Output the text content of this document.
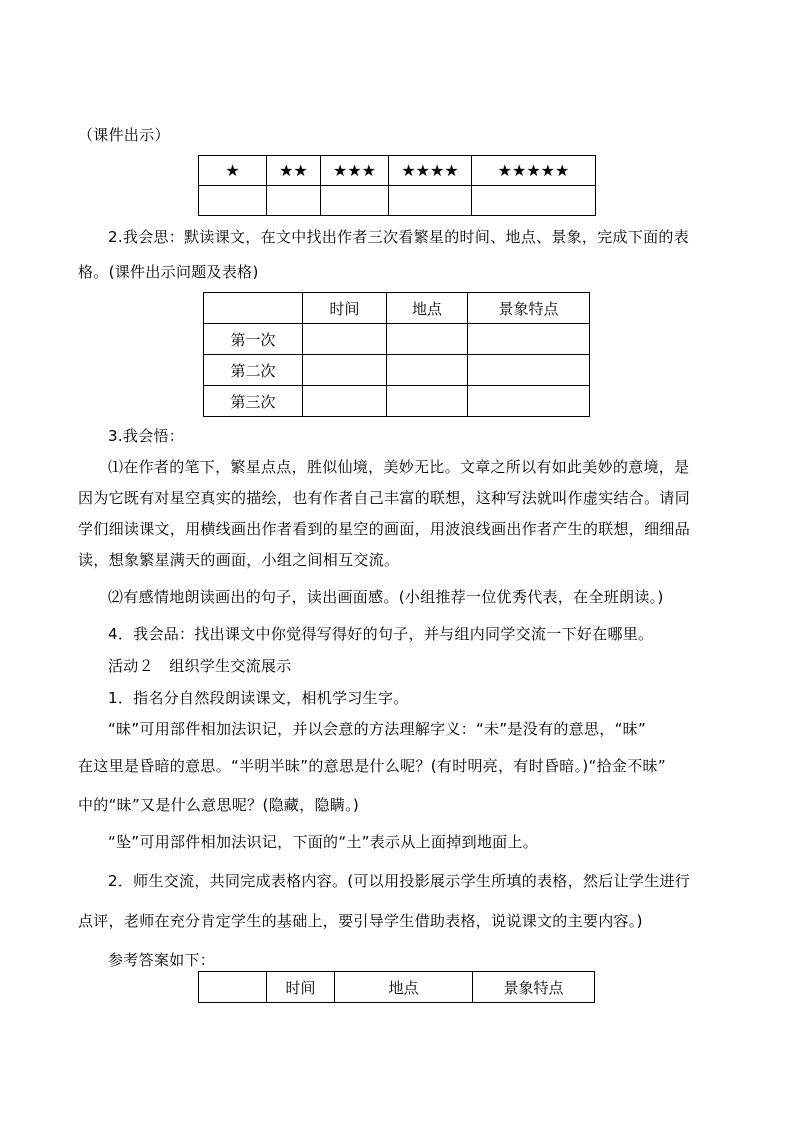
（课件出示）
★	★★	★★★	★★★★	★★★★★

2.我会思：默读课文，在文中找出作者三次看繁星的时间、地点、景象，完成下面的表
格。(课件出示问题及表格)
	时间	地点	景象特点
第一次			
第二次			
第三次			
3.我会悟：
⑴在作者的笔下，繁星点点，胜似仙境，美妙无比。文章之所以有如此美妙的意境，是
因为它既有对星空真实的描绘，也有作者自己丰富的联想，这种写法就叫作虚实结合。请同
学们细读课文，用横线画出作者看到的星空的画面，用波浪线画出作者产生的联想，细细品
读，想象繁星满天的画面，小组之间相互交流。
⑵有感情地朗读画出的句子，读出画面感。(小组推荐一位优秀代表，在全班朗读。)
4．我会品：找出课文中你觉得写得好的句子，并与组内同学交流一下好在哪里。
活动２　组织学生交流展示
1．指名分自然段朗读课文，相机学习生字。
“昧”可用部件相加法识记，并以会意的方法理解字义：“未”是没有的意思，“昧”
在这里是昏暗的意思。“半明半昧”的意思是什么呢？(有时明亮，有时昏暗。)“拾金不昧”
中的“昧”又是什么意思呢？(隐藏，隐瞒。)
“坠”可用部件相加法识记，下面的“土”表示从上面掉到地面上。
2．师生交流，共同完成表格内容。(可以用投影展示学生所填的表格，然后让学生进行
点评，老师在充分肯定学生的基础上，要引导学生借助表格，说说课文的主要内容。)
参考答案如下：
	时间	地点	景象特点
